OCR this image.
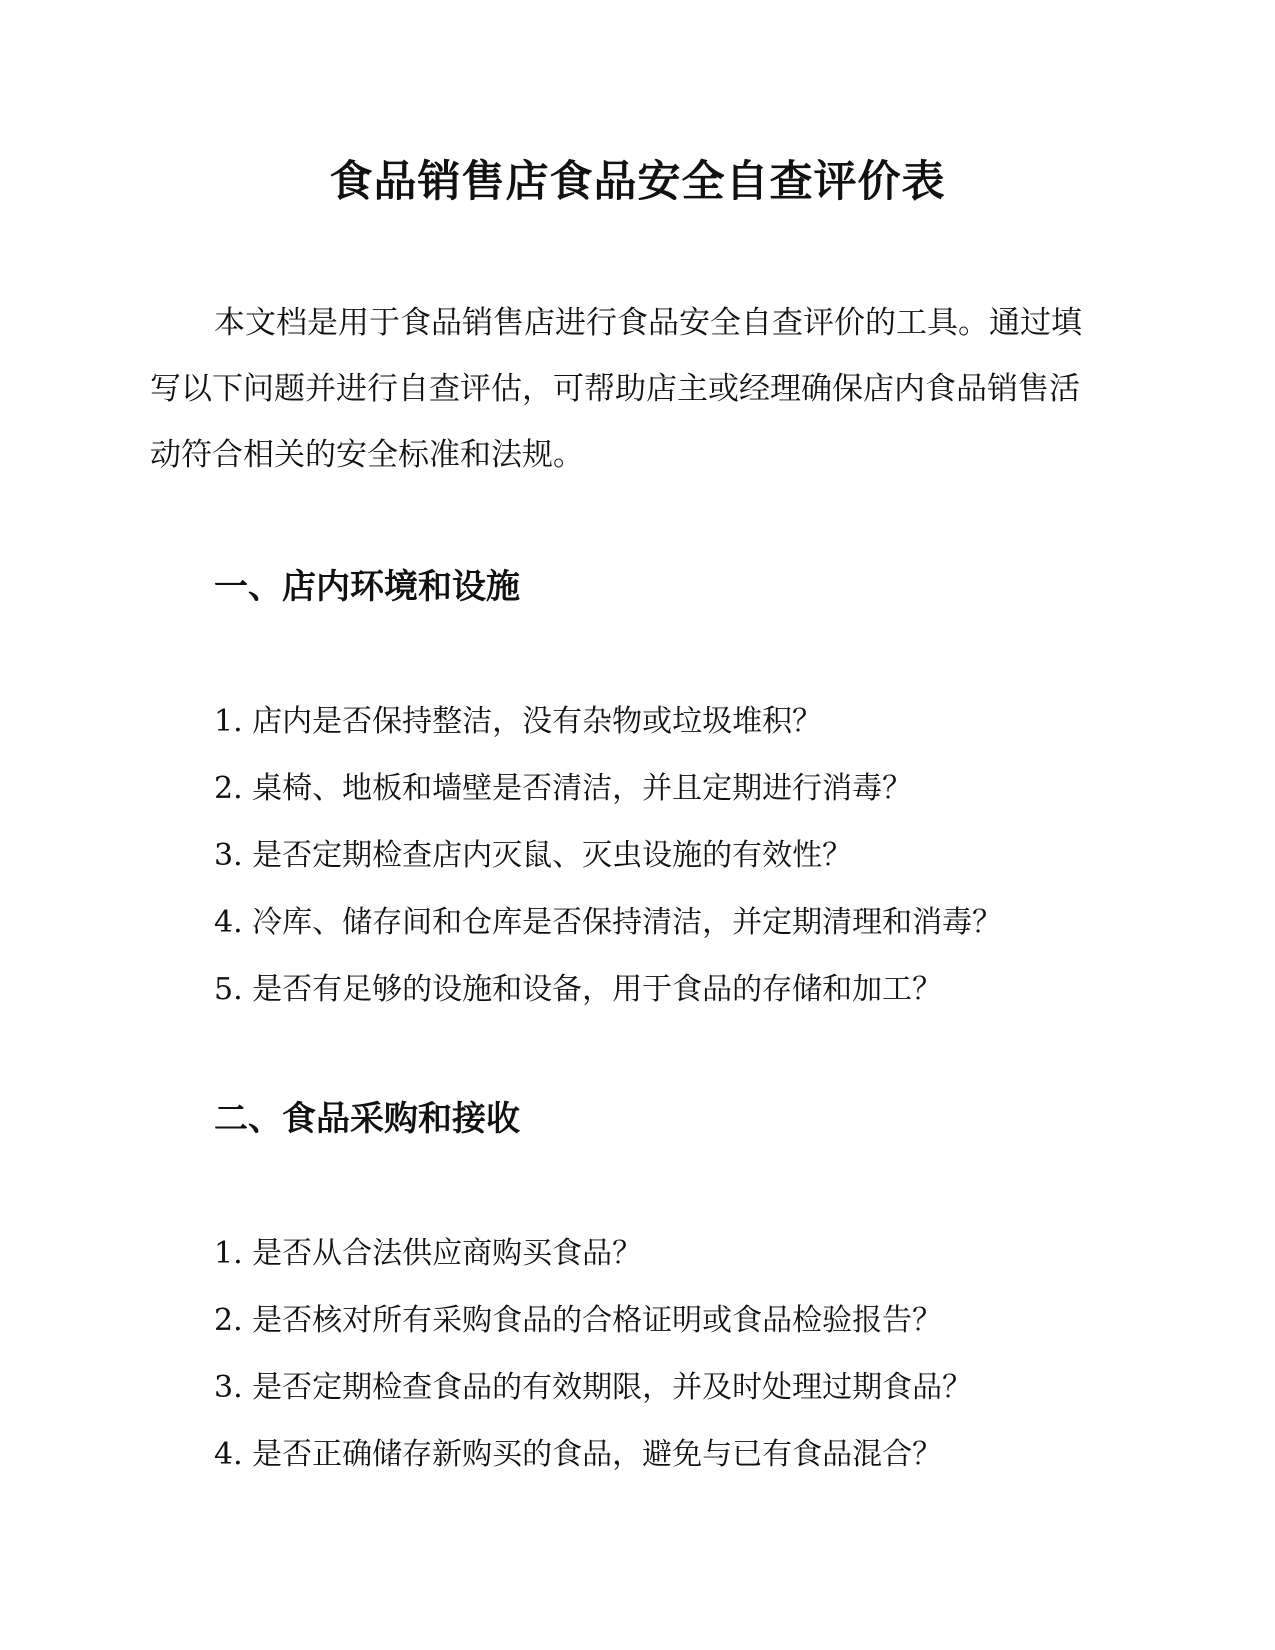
食品销售店食品安全自查评价表

本文档是用于食品销售店进行食品安全自查评价的工具。通过填写以下问题并进行自查评估，可帮助店主或经理确保店内食品销售活动符合相关的安全标准和法规。

一、店内环境和设施
1. 店内是否保持整洁，没有杂物或垃圾堆积？
2. 桌椅、地板和墙壁是否清洁，并且定期进行消毒？
3. 是否定期检查店内灭鼠、灭虫设施的有效性？
4. 冷库、储存间和仓库是否保持清洁，并定期清理和消毒？
5. 是否有足够的设施和设备，用于食品的存储和加工？
二、食品采购和接收
1. 是否从合法供应商购买食品？
2. 是否核对所有采购食品的合格证明或食品检验报告？
3. 是否定期检查食品的有效期限，并及时处理过期食品？
4. 是否正确储存新购买的食品，避免与已有食品混合？
